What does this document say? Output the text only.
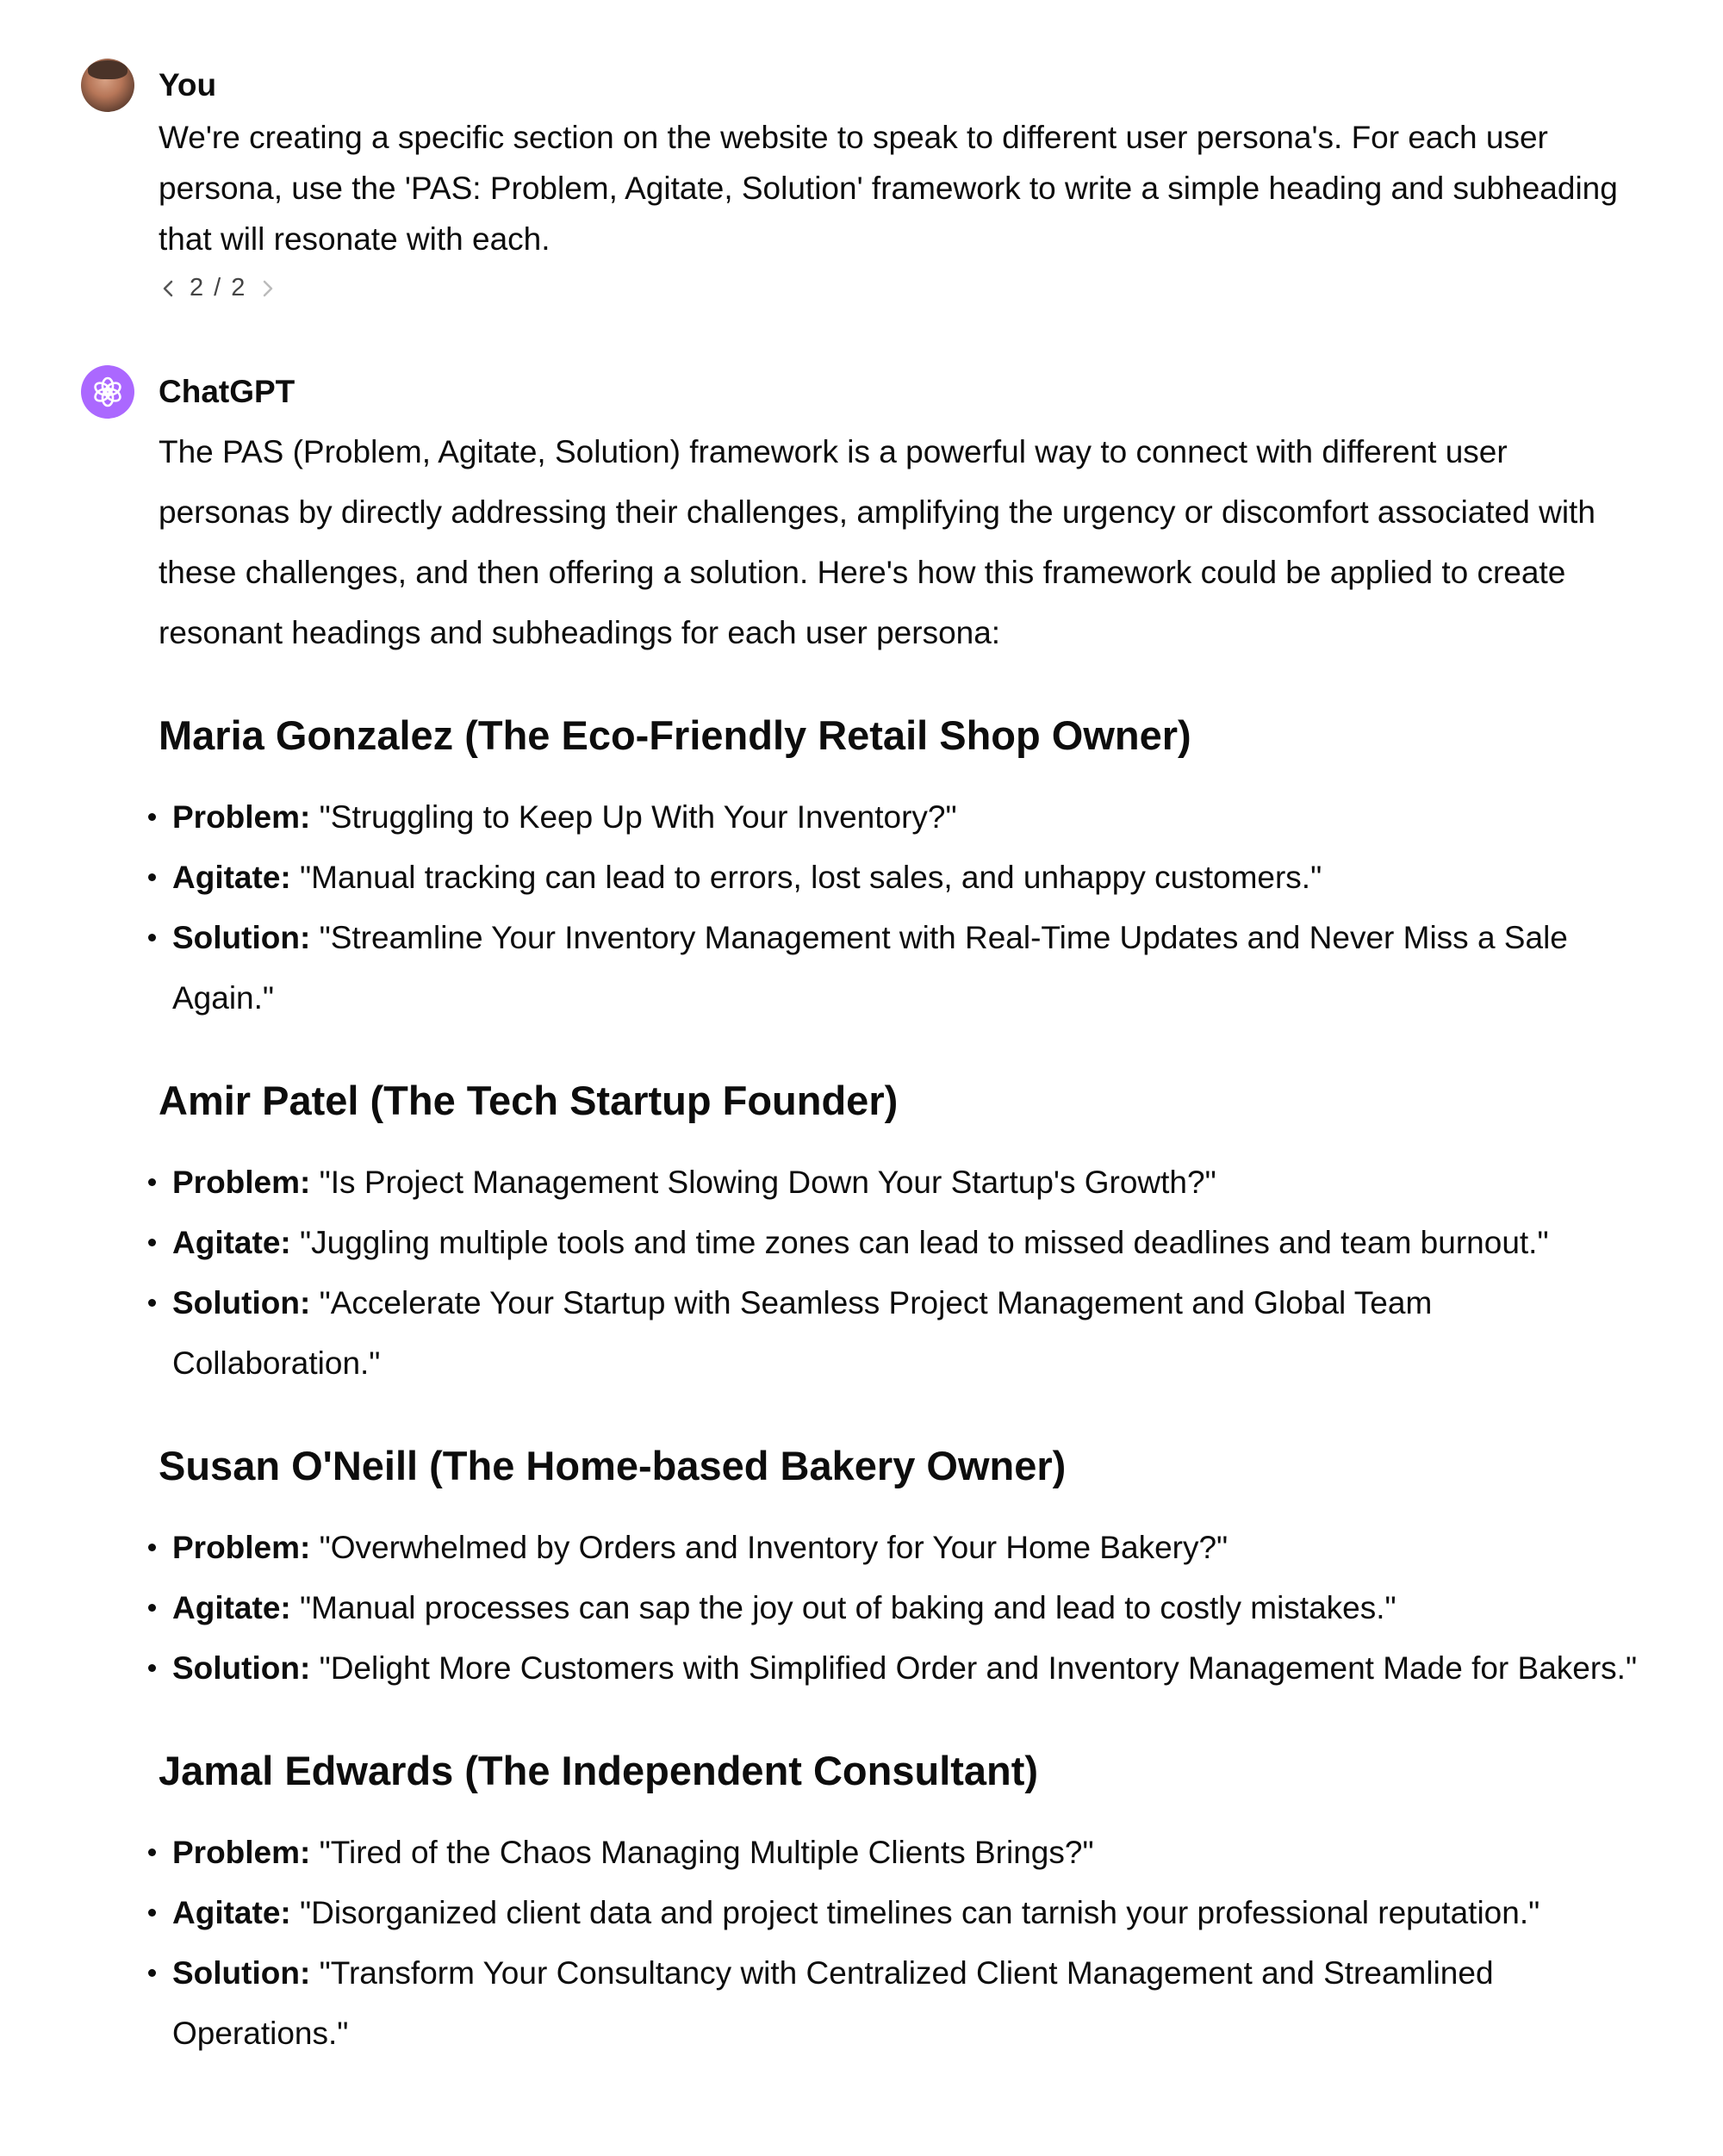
You
We're creating a specific section on the website to speak to different user persona's. For each user persona, use the 'PAS: Problem, Agitate, Solution' framework to write a simple heading and subheading that will resonate with each.
2 / 2
ChatGPT

The PAS (Problem, Agitate, Solution) framework is a powerful way to connect with different user personas by directly addressing their challenges, amplifying the urgency or discomfort associated with these challenges, and then offering a solution. Here's how this framework could be applied to create resonant headings and subheadings for each user persona:

Maria Gonzalez (The Eco-Friendly Retail Shop Owner)
Problem: "Struggling to Keep Up With Your Inventory?"
Agitate: "Manual tracking can lead to errors, lost sales, and unhappy customers."
Solution: "Streamline Your Inventory Management with Real-Time Updates and Never Miss a Sale Again."
Amir Patel (The Tech Startup Founder)
Problem: "Is Project Management Slowing Down Your Startup's Growth?"
Agitate: "Juggling multiple tools and time zones can lead to missed deadlines and team burnout."
Solution: "Accelerate Your Startup with Seamless Project Management and Global Team Collaboration."
Susan O'Neill (The Home-based Bakery Owner)
Problem: "Overwhelmed by Orders and Inventory for Your Home Bakery?"
Agitate: "Manual processes can sap the joy out of baking and lead to costly mistakes."
Solution: "Delight More Customers with Simplified Order and Inventory Management Made for Bakers."
Jamal Edwards (The Independent Consultant)
Problem: "Tired of the Chaos Managing Multiple Clients Brings?"
Agitate: "Disorganized client data and project timelines can tarnish your professional reputation."
Solution: "Transform Your Consultancy with Centralized Client Management and Streamlined Operations."
